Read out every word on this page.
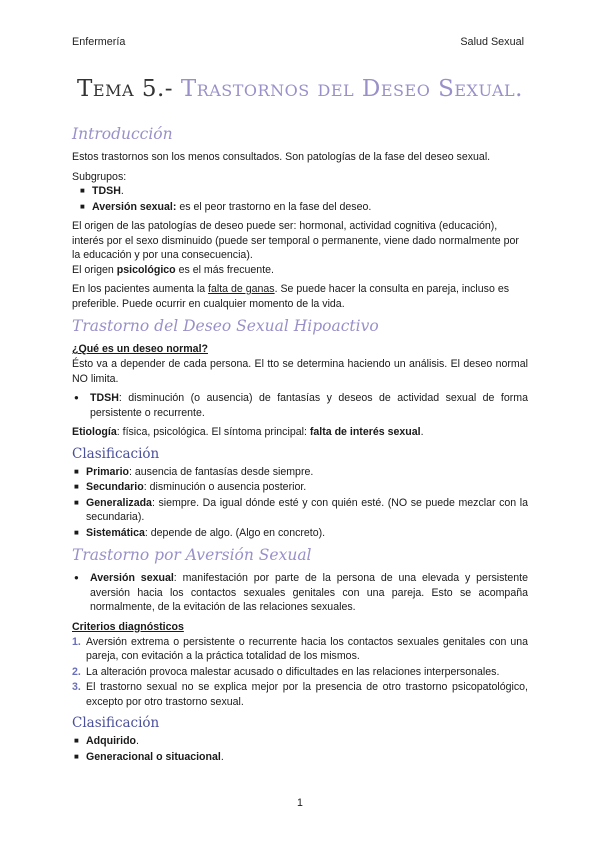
Enfermería	Salud Sexual
Tema 5.- Trastornos del Deseo Sexual.
Introducción

Estos trastornos son los menos consultados. Son patologías de la fase del deseo sexual.

Subgrupos:

■ TDSH.
■ Aversión sexual: es el peor trastorno en la fase del deseo.

El origen de las patologías de deseo puede ser: hormonal, actividad cognitiva (educación), interés por el sexo disminuido (puede ser temporal o permanente, viene dado normalmente por la educación y por una consecuencia).

El origen psicológico es el más frecuente.

En los pacientes aumenta la falta de ganas. Se puede hacer la consulta en pareja, incluso es preferible. Puede ocurrir en cualquier momento de la vida.

Trastorno del Deseo Sexual Hipoactivo
¿Qué es un deseo normal?

Ésto va a depender de cada persona. El tto se determina haciendo un análisis. El deseo normal NO limita.

● TDSH: disminución (o ausencia) de fantasías y deseos de actividad sexual de forma persistente o recurrente.

Etiología: física, psicológica. El síntoma principal: falta de interés sexual.

Clasificación
■ Primario: ausencia de fantasías desde siempre.
■ Secundario: disminución o ausencia posterior.
■ Generalizada: siempre. Da igual dónde esté y con quién esté. (NO se puede mezclar con la secundaria).
■ Sistemática: depende de algo. (Algo en concreto).
Trastorno por Aversión Sexual
● Aversión sexual: manifestación por parte de la persona de una elevada y persistente aversión hacia los contactos sexuales genitales con una pareja. Esto se acompaña normalmente, de la evitación de las relaciones sexuales.
Criterios diagnósticos
1. Aversión extrema o persistente o recurrente hacia los contactos sexuales genitales con una pareja, con evitación a la práctica totalidad de los mismos.
2. La alteración provoca malestar acusado o dificultades en las relaciones interpersonales.
3. El trastorno sexual no se explica mejor por la presencia de otro trastorno psicopatológico, excepto por otro trastorno sexual.
Clasificación
■ Adquirido.
■ Generacional o situacional.
1
